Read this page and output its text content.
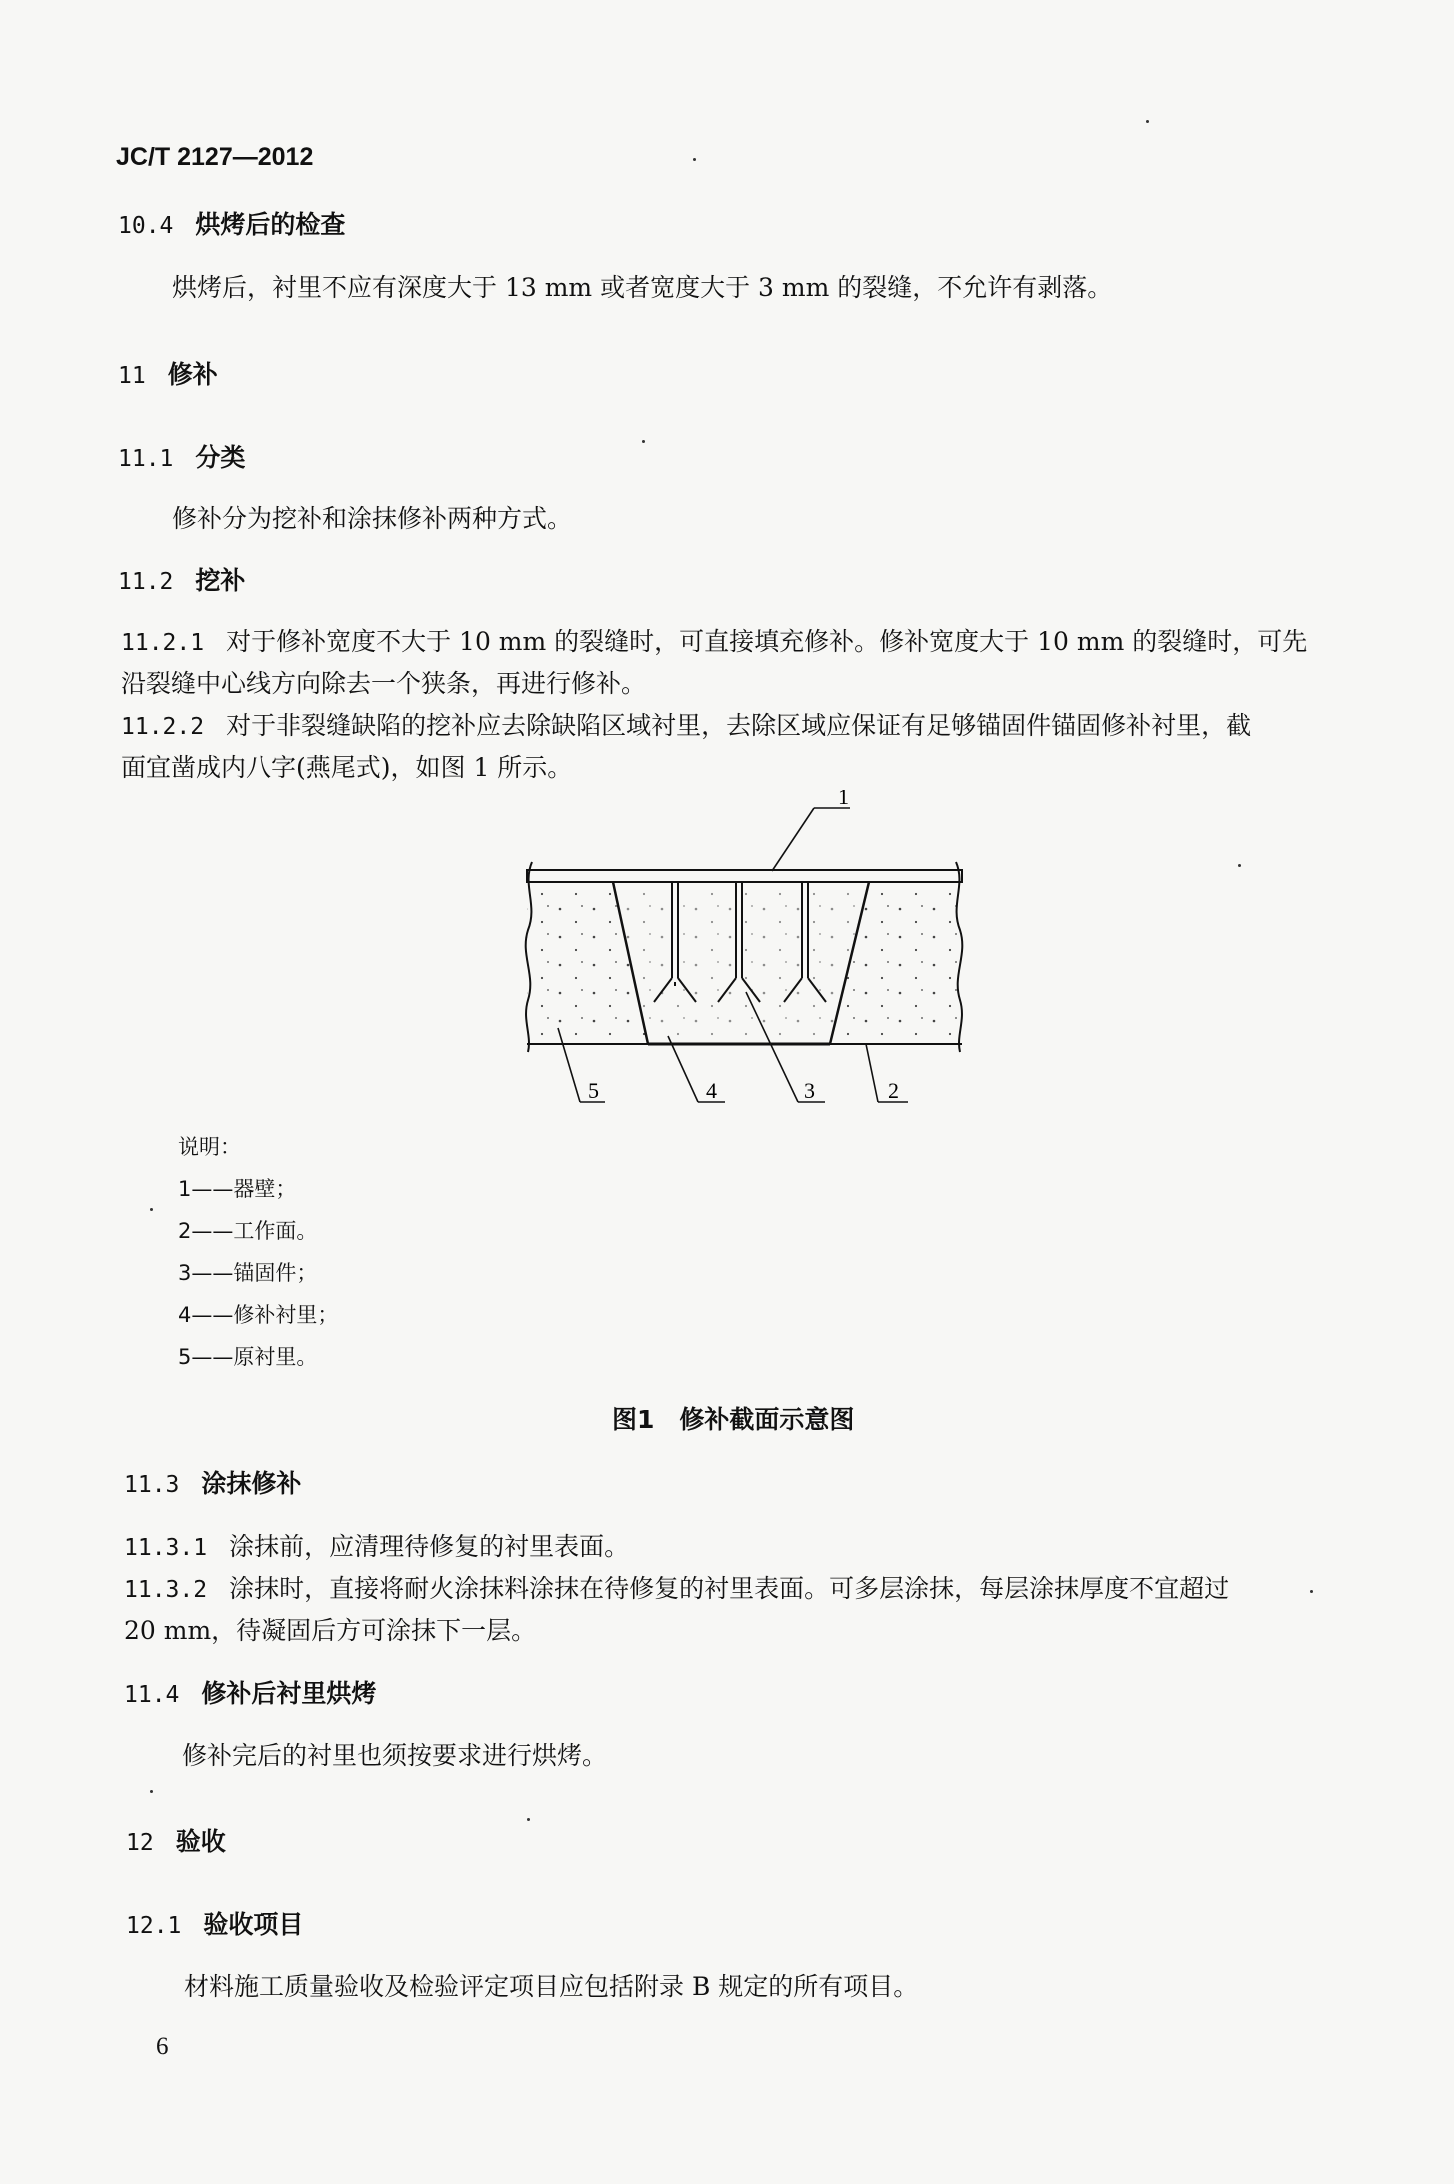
JC/T 2127—2012
10.4 烘烤后的检查
烘烤后，衬里不应有深度大于 13 mm 或者宽度大于 3 mm 的裂缝，不允许有剥落。
11 修补
11.1 分类
修补分为挖补和涂抹修补两种方式。
11.2 挖补
11.2.1 对于修补宽度不大于 10 mm 的裂缝时，可直接填充修补。修补宽度大于 10 mm 的裂缝时，可先
沿裂缝中心线方向除去一个狭条，再进行修补。
11.2.2 对于非裂缝缺陷的挖补应去除缺陷区域衬里，去除区域应保证有足够锚固件锚固修补衬里，截
面宜凿成内八字(燕尾式)，如图 1 所示。
1
2
3
4
5
说明：
1——器壁；
2——工作面。
3——锚固件；
4——修补衬里；
5——原衬里。
图1　修补截面示意图
11.3 涂抹修补
11.3.1 涂抹前，应清理待修复的衬里表面。
11.3.2 涂抹时，直接将耐火涂抹料涂抹在待修复的衬里表面。可多层涂抹，每层涂抹厚度不宜超过
20 mm，待凝固后方可涂抹下一层。
11.4 修补后衬里烘烤
修补完后的衬里也须按要求进行烘烤。
12 验收
12.1 验收项目
材料施工质量验收及检验评定项目应包括附录 B 规定的所有项目。
6
